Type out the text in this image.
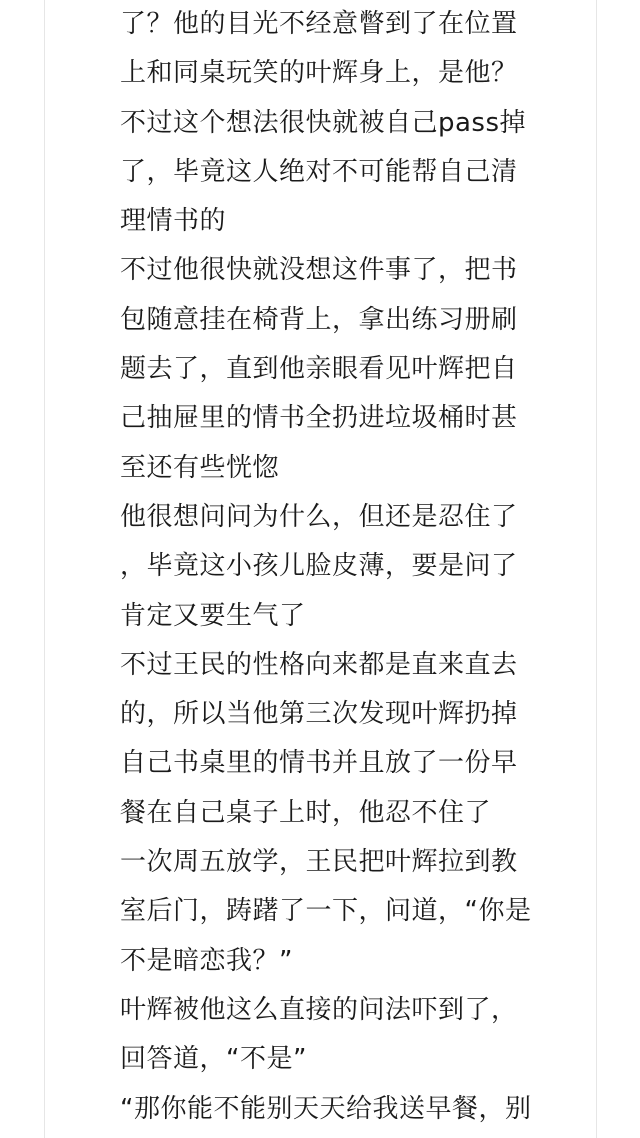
了？他的目光不经意瞥到了在位置
上和同桌玩笑的叶辉身上，是他？
不过这个想法很快就被自己pass掉
了，毕竟这人绝对不可能帮自己清
理情书的
不过他很快就没想这件事了，把书
包随意挂在椅背上，拿出练习册刷
题去了，直到他亲眼看见叶辉把自
己抽屉里的情书全扔进垃圾桶时甚
至还有些恍惚
他很想问问为什么，但还是忍住了
，毕竟这小孩儿脸皮薄，要是问了
肯定又要生气了
不过王民的性格向来都是直来直去
的，所以当他第三次发现叶辉扔掉
自己书桌里的情书并且放了一份早
餐在自己桌子上时，他忍不住了
一次周五放学，王民把叶辉拉到教
室后门，踌躇了一下，问道，“你是
不是暗恋我？”
叶辉被他这么直接的问法吓到了，
回答道，“不是”
“那你能不能别天天给我送早餐，别
